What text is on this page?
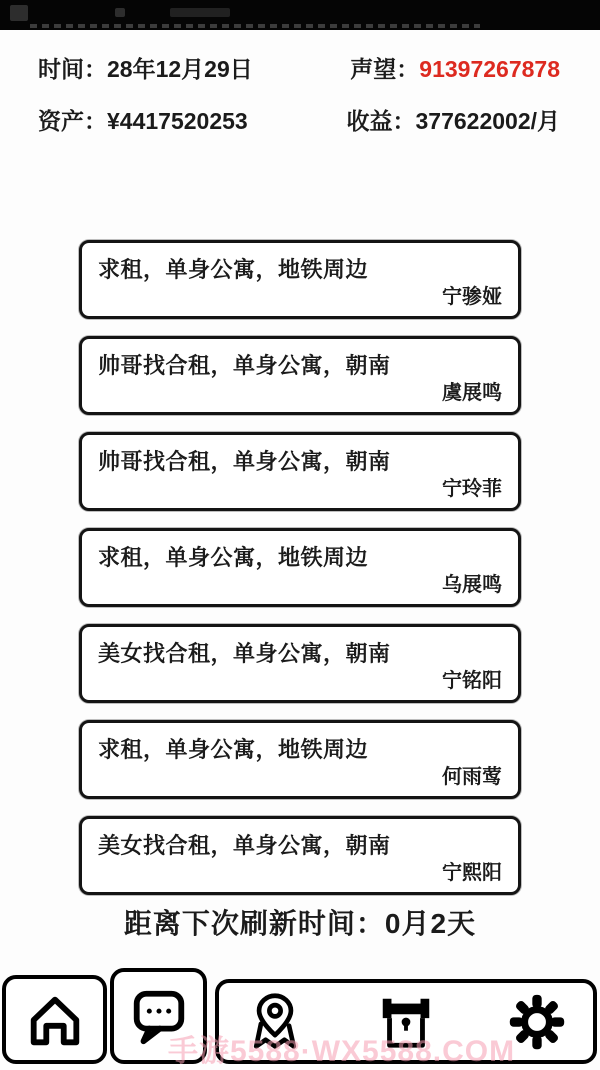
时间：28年12月29日	声望：91397267878
资产：¥4417520253	收益：377622002/月
求租，单身公寓，地铁周边
宁骖娅
帅哥找合租，单身公寓，朝南
虞展鸣
帅哥找合租，单身公寓，朝南
宁玲菲
求租，单身公寓，地铁周边
乌展鸣
美女找合租，单身公寓，朝南
宁铭阳
求租，单身公寓，地铁周边
何雨莺
美女找合租，单身公寓，朝南
宁熙阳
距离下次刷新时间：0月2天
手游5588·WX5588.COM
